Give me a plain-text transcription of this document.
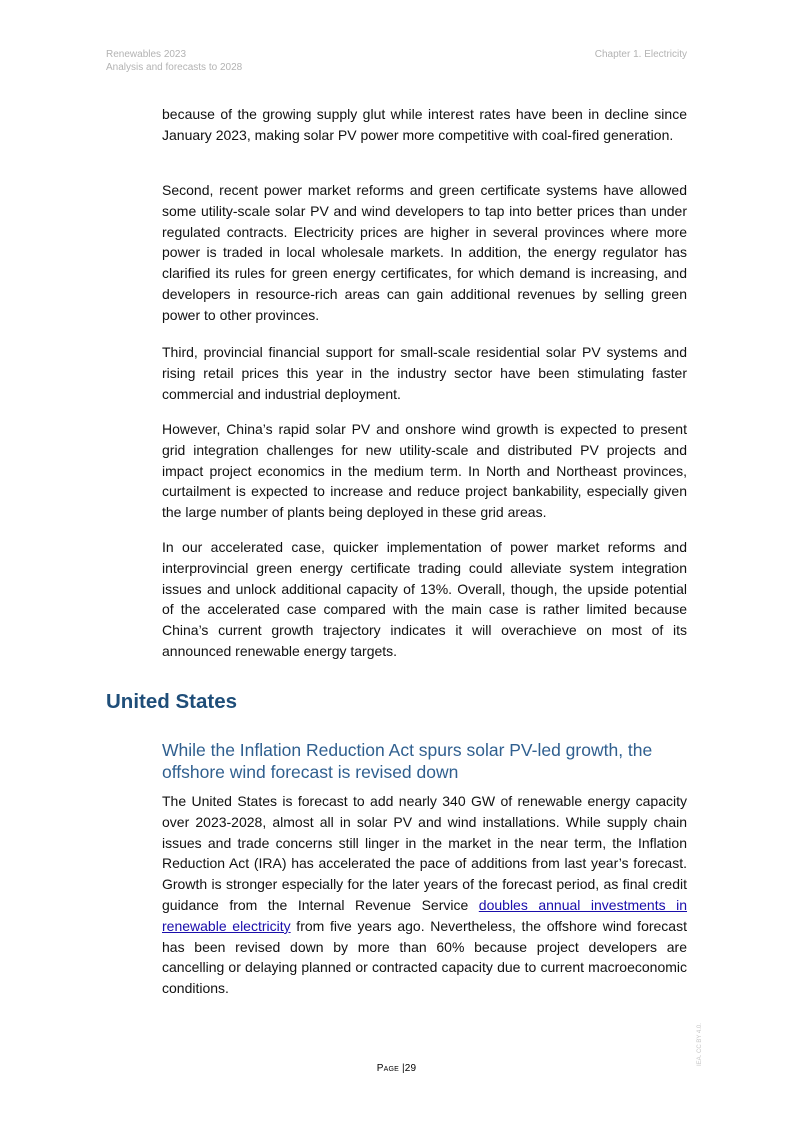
Renewables 2023
Analysis and forecasts to 2028
Chapter 1. Electricity

because of the growing supply glut while interest rates have been in decline since January 2023, making solar PV power more competitive with coal-fired generation.

Second, recent power market reforms and green certificate systems have allowed some utility-scale solar PV and wind developers to tap into better prices than under regulated contracts. Electricity prices are higher in several provinces where more power is traded in local wholesale markets. In addition, the energy regulator has clarified its rules for green energy certificates, for which demand is increasing, and developers in resource-rich areas can gain additional revenues by selling green power to other provinces.

Third, provincial financial support for small-scale residential solar PV systems and rising retail prices this year in the industry sector have been stimulating faster commercial and industrial deployment.

However, China’s rapid solar PV and onshore wind growth is expected to present grid integration challenges for new utility-scale and distributed PV projects and impact project economics in the medium term. In North and Northeast provinces, curtailment is expected to increase and reduce project bankability, especially given the large number of plants being deployed in these grid areas.

In our accelerated case, quicker implementation of power market reforms and interprovincial green energy certificate trading could alleviate system integration issues and unlock additional capacity of 13%. Overall, though, the upside potential of the accelerated case compared with the main case is rather limited because China’s current growth trajectory indicates it will overachieve on most of its announced renewable energy targets.

United States
While the Inflation Reduction Act spurs solar PV-led growth, the offshore wind forecast is revised down

The United States is forecast to add nearly 340 GW of renewable energy capacity over 2023-2028, almost all in solar PV and wind installations. While supply chain issues and trade concerns still linger in the market in the near term, the Inflation Reduction Act (IRA) has accelerated the pace of additions from last year’s forecast. Growth is stronger especially for the later years of the forecast period, as final credit guidance from the Internal Revenue Service doubles annual investments in renewable electricity from five years ago. Nevertheless, the offshore wind forecast has been revised down by more than 60% because project developers are cancelling or delaying planned or contracted capacity due to current macroeconomic conditions.

Page |29
IEA. CC BY 4.0.
